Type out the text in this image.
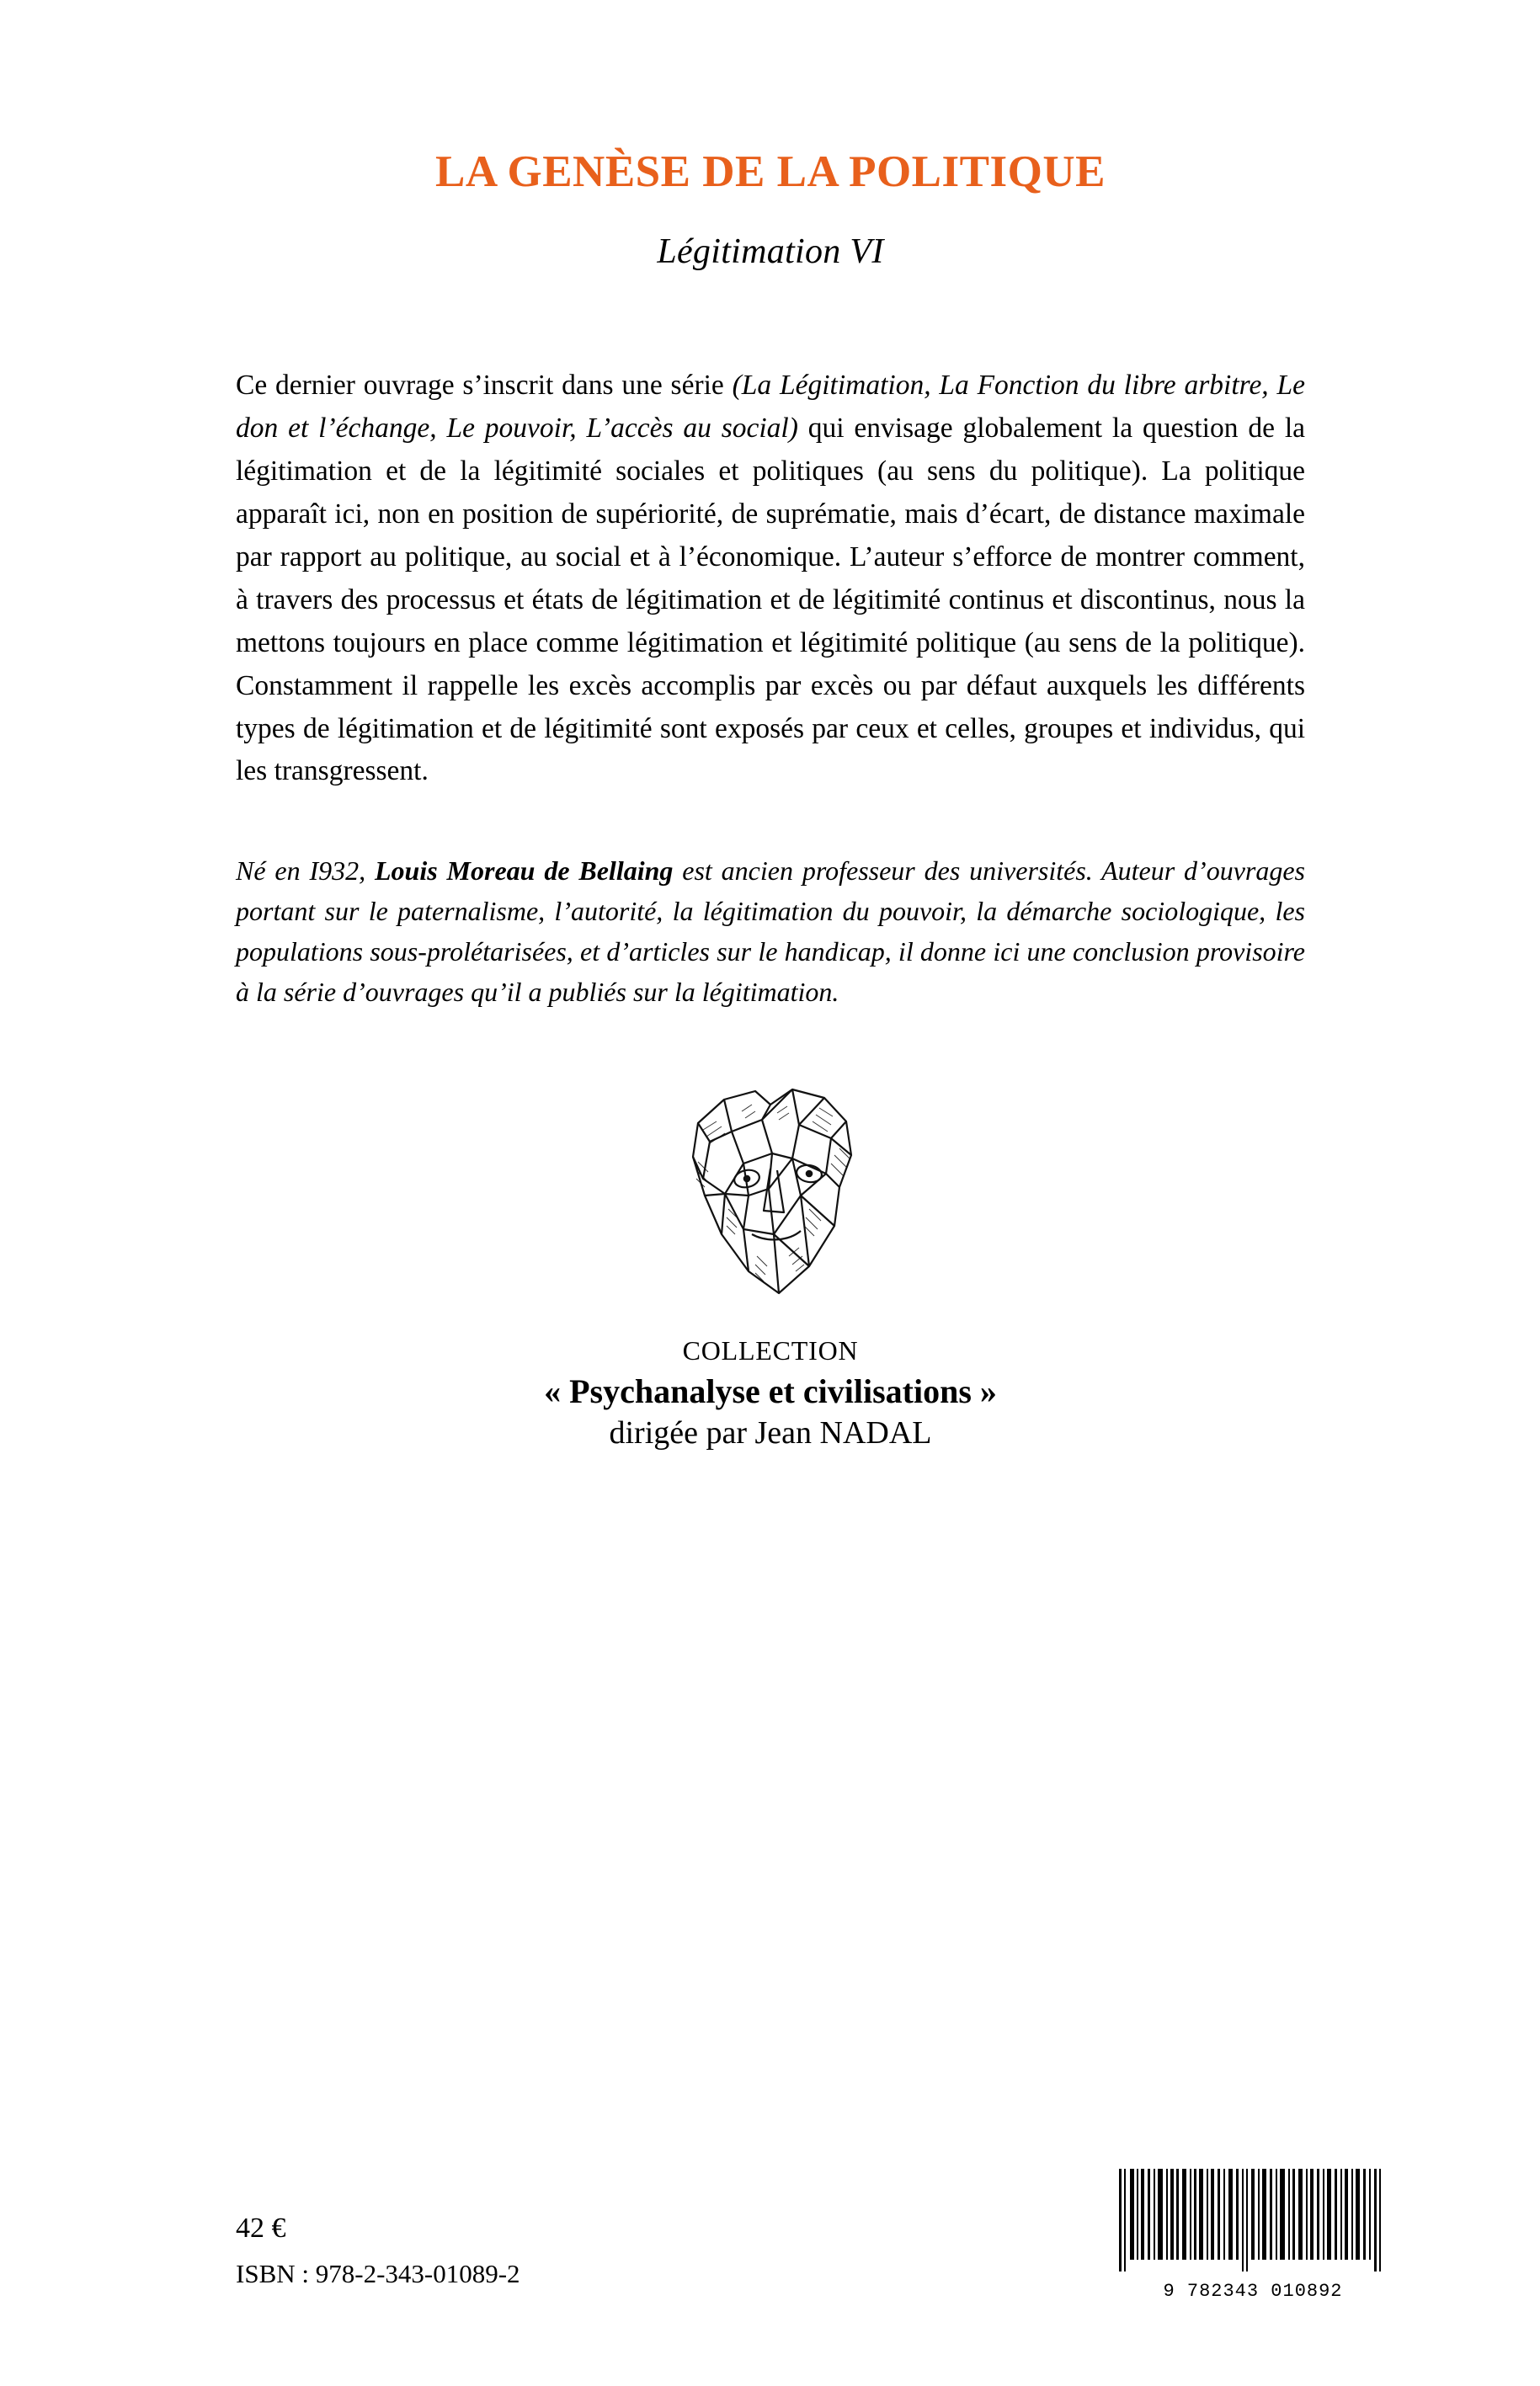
LA GENÈSE DE LA POLITIQUE
Légitimation VI
Ce dernier ouvrage s’inscrit dans une série (La Légitimation, La Fonction du libre arbitre, Le don et l’échange, Le pouvoir, L’accès au social) qui envisage globalement la question de la légitimation et de la légitimité sociales et politiques (au sens du politique). La politique apparaît ici, non en position de supériorité, de suprématie, mais d’écart, de distance maximale par rapport au politique, au social et à l’économique. L’auteur s’efforce de montrer comment, à travers des processus et états de légitimation et de légitimité continus et discontinus, nous la mettons toujours en place comme légitimation et légitimité politique (au sens de la politique). Constamment il rappelle les excès accomplis par excès ou par défaut auxquels les différents types de légitimation et de légitimité sont exposés par ceux et celles, groupes et individus, qui les transgressent.
Né en I932, Louis Moreau de Bellaing est ancien professeur des universités. Auteur d’ouvrages portant sur le paternalisme, l’autorité, la légitimation du pouvoir, la démarche sociologique, les populations sous-prolétarisées, et d’articles sur le handicap, il donne ici une conclusion provisoire à la série d’ouvrages qu’il a publiés sur la légitimation.
COLLECTION
« Psychanalyse et civilisations »
dirigée par Jean NADAL
42 €
ISBN : 978-2-343-01089-2
9 782343 010892
